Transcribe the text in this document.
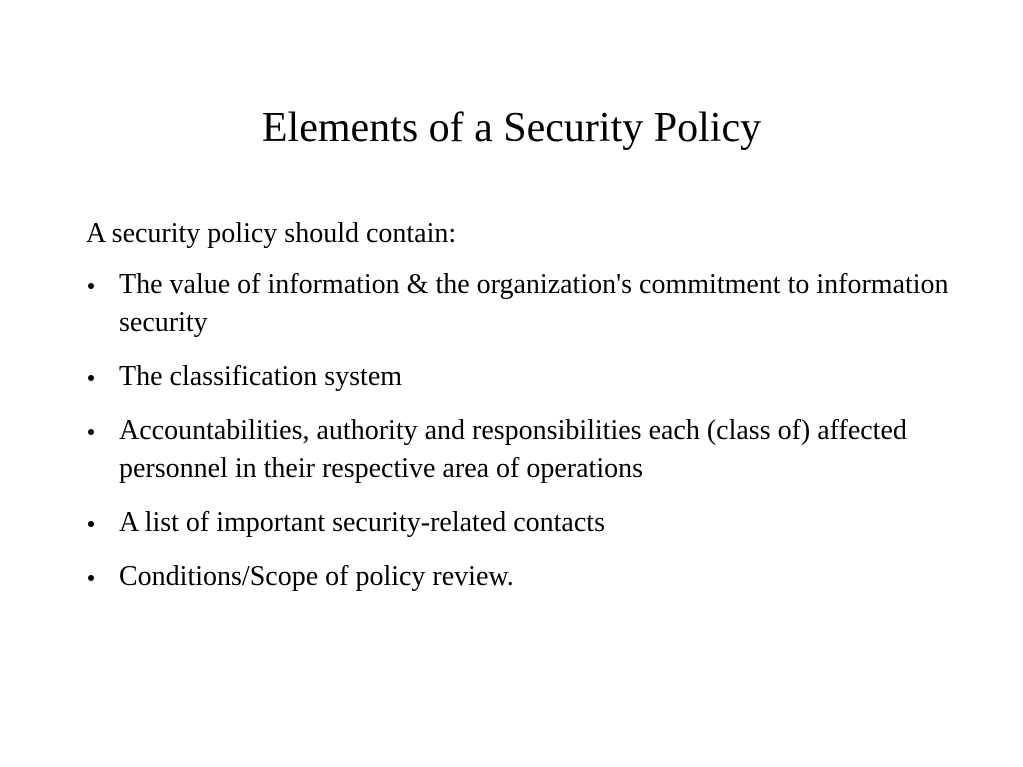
Elements of a Security Policy

A security policy should contain:

The value of information & the organization's commitment to information security
The classification system
Accountabilities, authority and responsibilities each (class of) affected personnel in their respective area of operations
A list of important security-related contacts
Conditions/Scope of policy review.
